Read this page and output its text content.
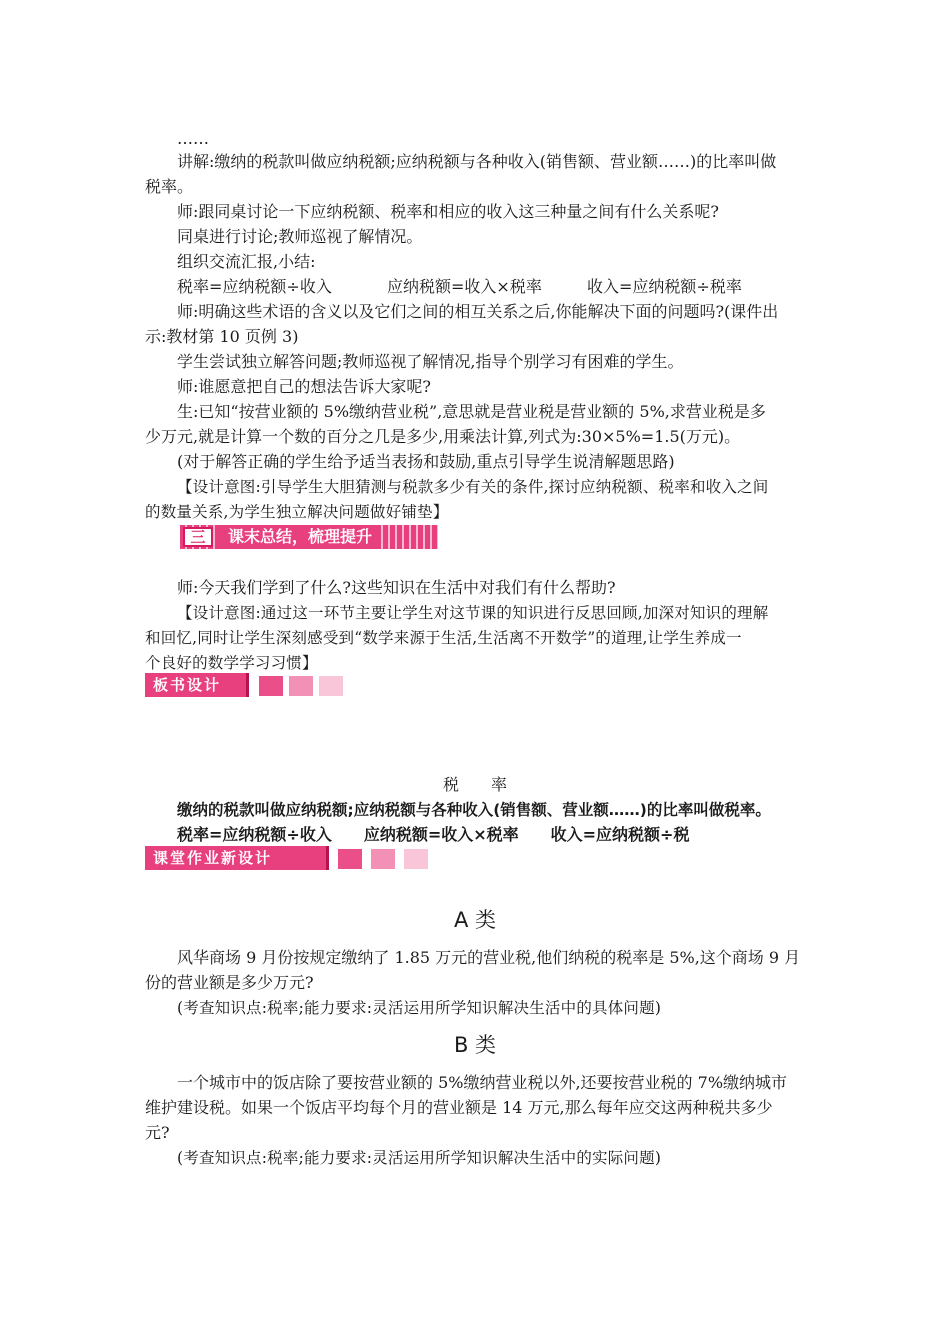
……
讲解:缴纳的税款叫做应纳税额;应纳税额与各种收入(销售额、营业额……)的比率叫做
税率。
师:跟同桌讨论一下应纳税额、税率和相应的收入这三种量之间有什么关系呢?
同桌进行讨论;教师巡视了解情况。
组织交流汇报,小结:
税率=应纳税额÷收入	应纳税额=收入×税率	收入=应纳税额÷税率
师:明确这些术语的含义以及它们之间的相互关系之后,你能解决下面的问题吗?(课件出
示:教材第 10 页例 3)
学生尝试独立解答问题;教师巡视了解情况,指导个别学习有困难的学生。
师:谁愿意把自己的想法告诉大家呢?
生:已知“按营业额的 5%缴纳营业税”,意思就是营业税是营业额的 5%,求营业税是多
少万元,就是计算一个数的百分之几是多少,用乘法计算,列式为:30×5%=1.5(万元)。
(对于解答正确的学生给予适当表扬和鼓励,重点引导学生说清解题思路)
【设计意图:引导学生大胆猜测与税款多少有关的条件,探讨应纳税额、税率和收入之间
的数量关系,为学生独立解决问题做好铺垫】
三	课末总结，梳理提升
师:今天我们学到了什么?这些知识在生活中对我们有什么帮助?
【设计意图:通过这一环节主要让学生对这节课的知识进行反思回顾,加深对知识的理解
和回忆,同时让学生深刻感受到“数学来源于生活,生活离不开数学”的道理,让学生养成一
个良好的数学学习习惯】
板书设计
税　　率
缴纳的税款叫做应纳税额;应纳税额与各种收入(销售额、营业额……)的比率叫做税率。
税率=应纳税额÷收入　　应纳税额=收入×税率　　收入=应纳税额÷税
课堂作业新设计
A 类
风华商场 9 月份按规定缴纳了 1.85 万元的营业税,他们纳税的税率是 5%,这个商场 9 月
份的营业额是多少万元?
(考查知识点:税率;能力要求:灵活运用所学知识解决生活中的具体问题)
B 类
一个城市中的饭店除了要按营业额的 5%缴纳营业税以外,还要按营业税的 7%缴纳城市
维护建设税。如果一个饭店平均每个月的营业额是 14 万元,那么每年应交这两种税共多少
元?
(考查知识点:税率;能力要求:灵活运用所学知识解决生活中的实际问题)
